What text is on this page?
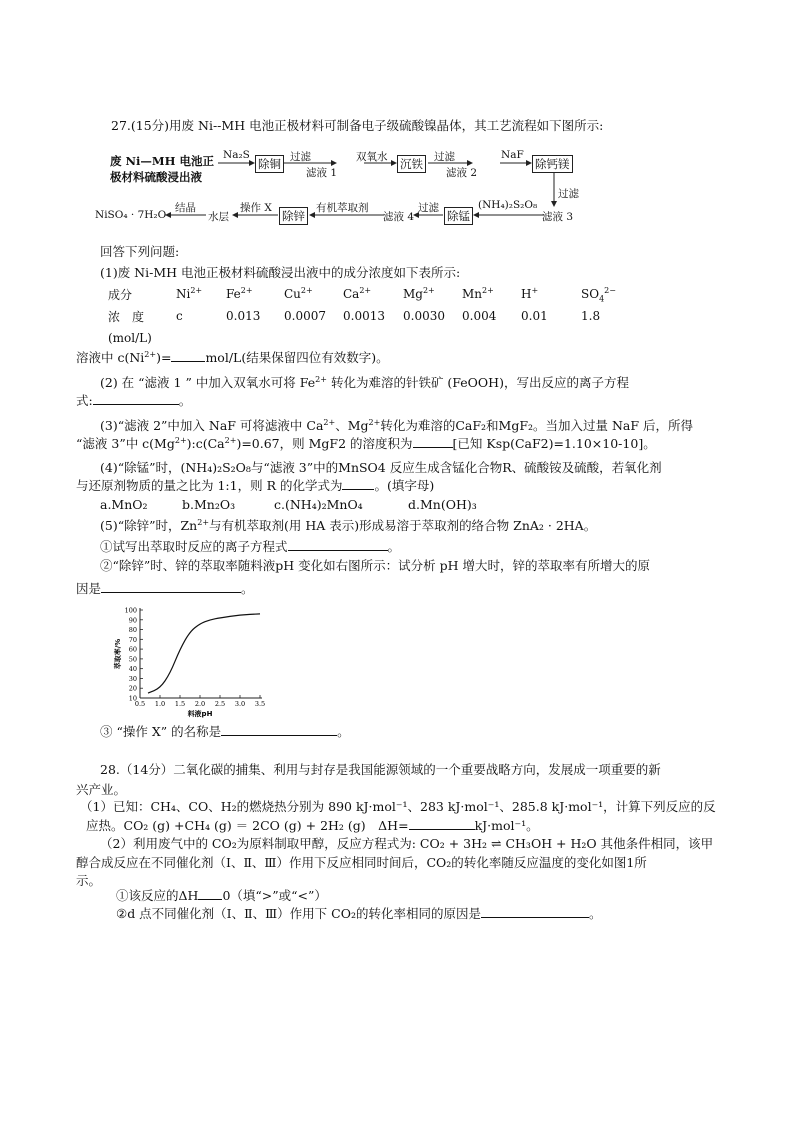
27.(15分)用废 Ni--MH 电池正极材料可制备电子级硫酸镍晶体，其工艺流程如下图所示:
废 Ni—MH 电池正
极材料硫酸浸出液
Na₂S
除铜 过滤
滤液 1
双氧水 沉铁 过滤
滤液 2
NaF
除钙镁
过滤
滤液 3
(NH₄)₂S₂O₈
除锰
过滤
滤液 4
有机萃取剂
除锌
操作 X
水层
结晶
NiSO₄ · 7H₂O
回答下列问题:
(1)废 Ni-MH 电池正极材料硫酸浸出液中的成分浓度如下表所示:
成分	$Ni^{2+}$	$Fe^{2+}$	$Cu^{2+}$	$Ca^{2+}$	$Mg^{2+}$	$Mn^{2+}$	H+	$SO_4^{2-}$
浓　度	c	0.013	0.0007	0.0013	0.0030	0.004	0.01	1.8
(mol/L)								
溶液中 $c(Ni^{2+})=$	mol/L(结果保留四位有效数字)。
(2) 在 “滤液 1 ” 中加入双氧水可将 $Fe^{2+}$ 转化为难溶的针铁矿 (FeOOH)，写出反应的离子方程
式:	。
(3)“滤液 2”中加入 NaF 可将滤液中 $Ca^{2+}$、$Mg^{2+}$转化为难溶的CaF₂和MgF₂。当加入过量 NaF 后，所得
“滤液 3”中 $c(Mg^{2+}):c(Ca^{2+})=0.67$，则 MgF2 的溶度积为	[已知 Ksp(CaF2)=1.10×10-10]。
(4)“除锰”时，(NH₄)₂S₂O₈与“滤液 3”中的MnSO4 反应生成含锰化合物R、硫酸铵及硫酸，若氧化剂
与还原剂物质的量之比为 1:1，则 R 的化学式为	。(填字母)
a.MnO₂	b.Mn₂O₃	c.(NH₄)₂MnO₄	d.Mn(OH)₃
(5)“除锌”时，$Zn^{2+}$与有机萃取剂(用 HA 表示)形成易溶于萃取剂的络合物 ZnA₂ · 2HA。
①试写出萃取时反应的离子方程式	。
②“除锌”时、锌的萃取率随料液pH 变化如右图所示：试分析 pH 增大时，锌的萃取率有所增大的原
因是	。
10
20
30
40
50
60
70
80
90
100
0.5 1.0 1.5 2.0 2.5 3.0 3.5
料液pH
萃取率/%
③ “操作 X” 的名称是	。
28.（14分）二氧化碳的捕集、利用与封存是我国能源领域的一个重要战略方向，发展成一项重要的新
兴产业。
（1）已知：CH₄、CO、H₂的燃烧热分别为 890 kJ·mol⁻¹、283 kJ·mol⁻¹、285.8 kJ·mol⁻¹，计算下列反应的反
应热。CO₂ (g) +CH₄ (g) ＝ 2CO (g) + 2H₂ (g)　ΔH=	kJ·mol⁻¹。
（2）利用废气中的 CO₂为原料制取甲醇，反应方程式为: CO₂ + 3H₂ ⇌ CH₃OH + H₂O 其他条件相同，该甲
醇合成反应在不同催化剂（Ⅰ、Ⅱ、Ⅲ）作用下反应相同时间后，CO₂的转化率随反应温度的变化如图1所
示。
①该反应的ΔH 0（填“>”或“<”）
②d 点不同催化剂（Ⅰ、Ⅱ、Ⅲ）作用下 CO₂的转化率相同的原因是	。
